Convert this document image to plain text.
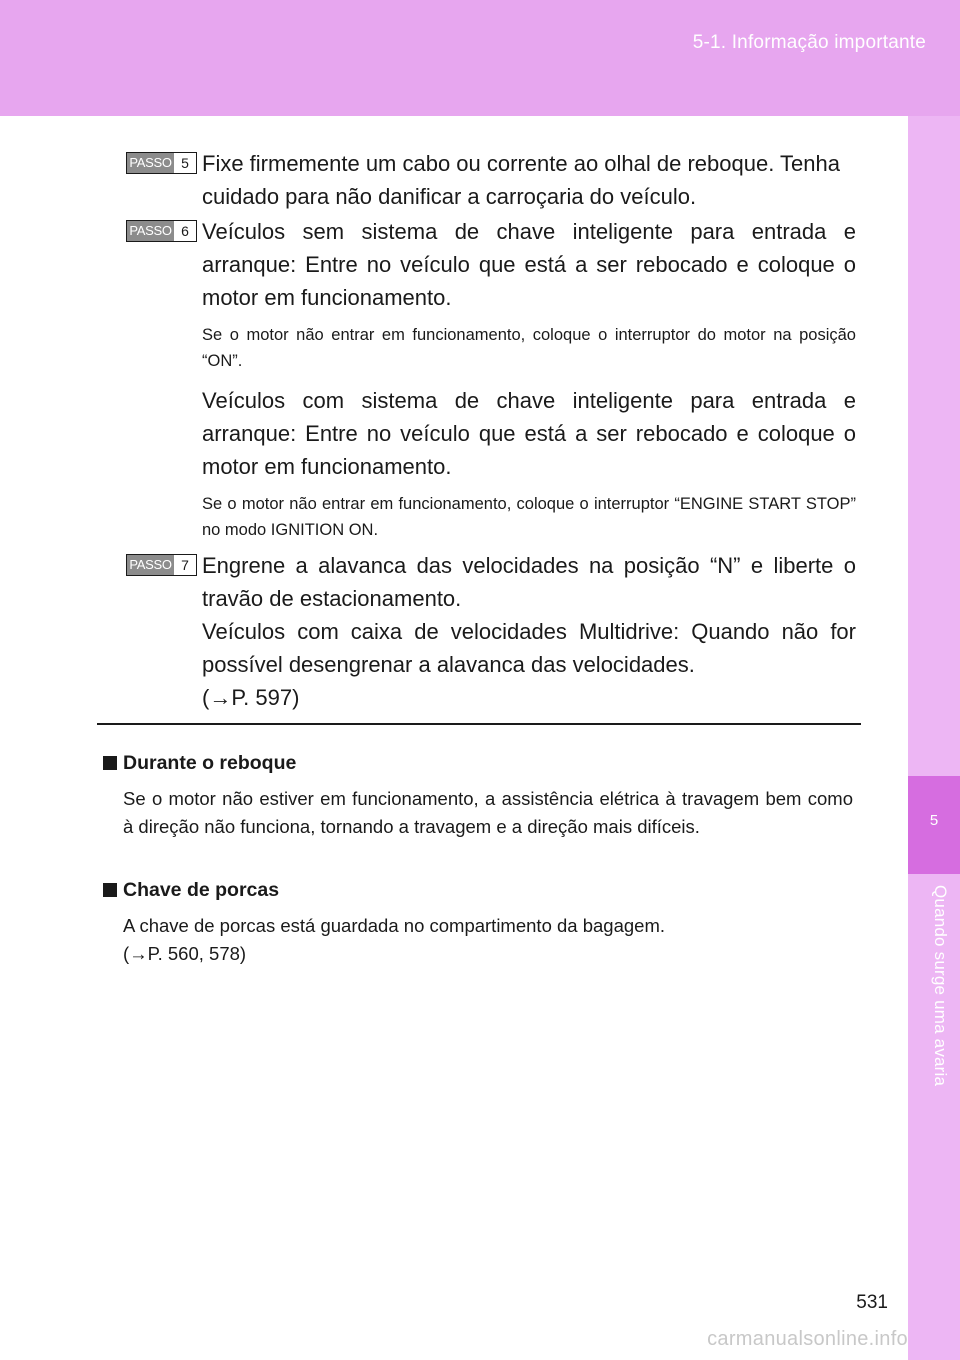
5-1. Informação importante
5
Quando surge uma avaria
PASSO 5 Fixe firmemente um cabo ou corrente ao olhal de reboque. Tenha cuidado para não danificar a carroçaria do veículo.

PASSO 6 Veículos sem sistema de chave inteligente para entrada e arranque: Entre no veículo que está a ser rebocado e coloque o motor em funcionamento.

Se o motor não entrar em funcionamento, coloque o interruptor do motor na posição “ON”.

Veículos com sistema de chave inteligente para entrada e arranque: Entre no veículo que está a ser rebocado e coloque o motor em funcionamento.

Se o motor não entrar em funcionamento, coloque o interruptor “ENGINE START STOP” no modo IGNITION ON.

PASSO 7 Engrene a alavanca das velocidades na posição “N” e liberte o travão de estacionamento.

Veículos com caixa de velocidades Multidrive: Quando não for possível desengrenar a alavanca das velocidades.

(→P. 597)

Durante o reboque

Se o motor não estiver em funcionamento, a assistência elétrica à travagem bem como à direção não funciona, tornando a travagem e a direção mais difíceis.

Chave de porcas

A chave de porcas está guardada no compartimento da bagagem.

(→P. 560, 578)

531
carmanualsonline.info
